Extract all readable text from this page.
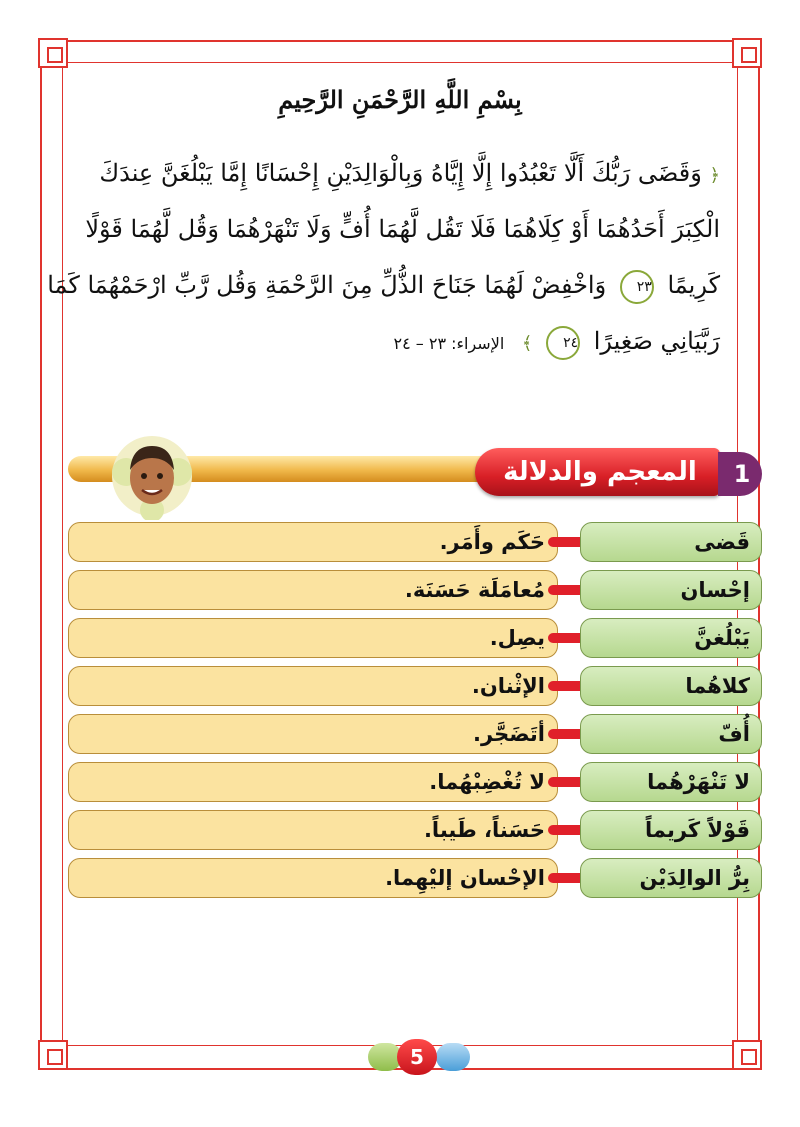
بِسْمِ اللَّهِ الرَّحْمَنِ الرَّحِيمِ
﴿ وَقَضَى رَبُّكَ أَلَّا تَعْبُدُوا إِلَّا إِيَّاهُ وَبِالْوَالِدَيْنِ إِحْسَانًا إِمَّا يَبْلُغَنَّ عِندَكَ
الْكِبَرَ أَحَدُهُمَا أَوْ كِلَاهُمَا فَلَا تَقُل لَّهُمَا أُفٍّ وَلَا تَنْهَرْهُمَا وَقُل لَّهُمَا قَوْلًا
كَرِيمًا ٢٣ وَاخْفِضْ لَهُمَا جَنَاحَ الذُّلِّ مِنَ الرَّحْمَةِ وَقُل رَّبِّ ارْحَمْهُمَا كَمَا
رَبَّيَانِي صَغِيرًا ٢٤ ﴾ الإسراء: ٢٣ – ٢٤
المعجم والدلالة	1
حَكَم وأَمَر.	قَضى
مُعامَلَة حَسَنَة.	إحْسان
يصِل.	يَبْلُغنَّ
الإثْنان.	كلاهُما
أتَضَجَّر.	أُفّ
لا تُغْضِبْهُما.	لا تَنْهَرْهُما
حَسَناً، طَيباً.	قَوْلاً كَريماً
الإحْسان إليْهِما.	بِرُّ الوالِدَيْن
5
